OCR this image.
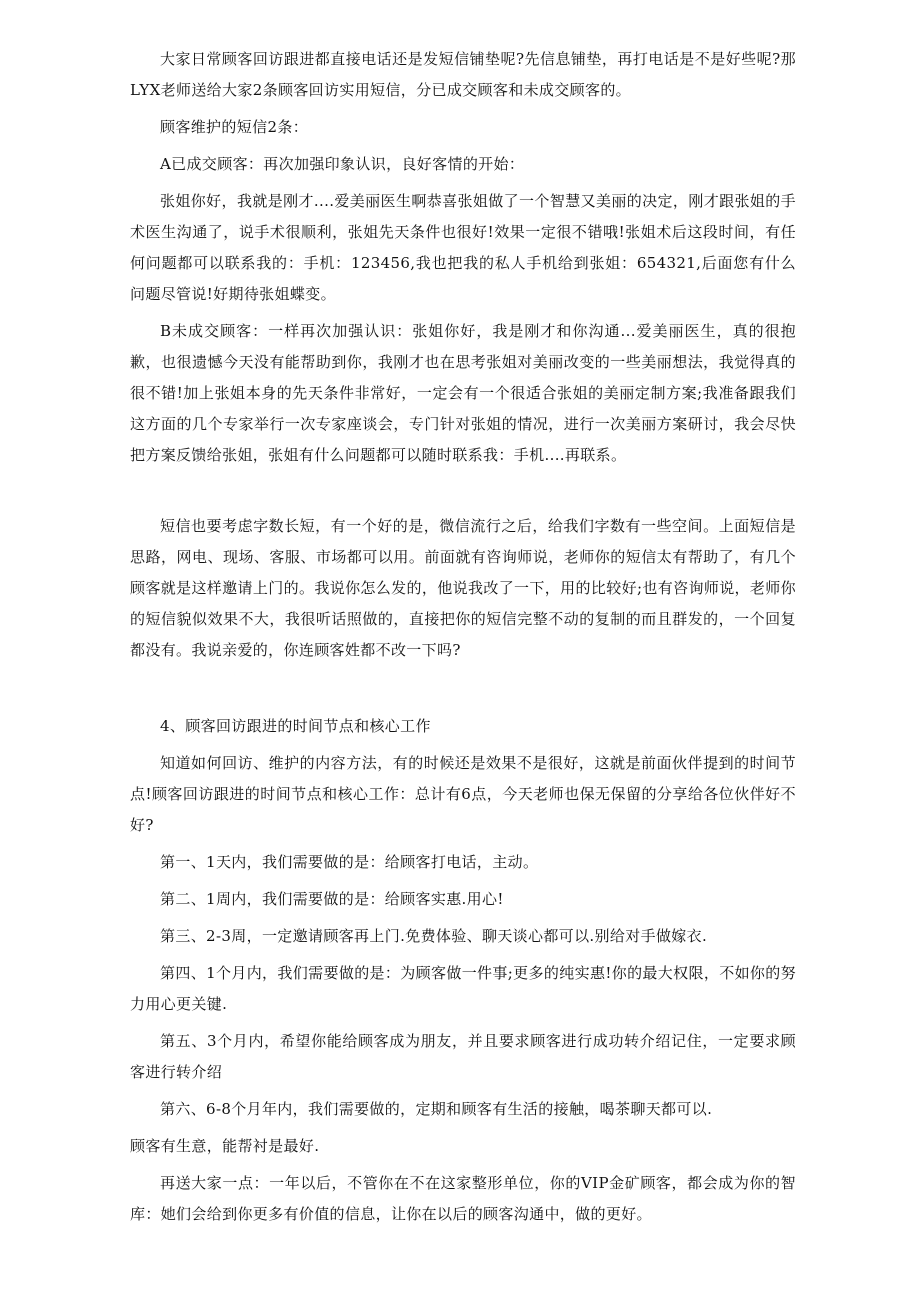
大家日常顾客回访跟进都直接电话还是发短信铺垫呢?先信息铺垫，再打电话是不是好些呢?那LYX老师送给大家2条顾客回访实用短信，分已成交顾客和未成交顾客的。

顾客维护的短信2条：

A已成交顾客：再次加强印象认识，良好客情的开始：

张姐你好，我就是刚才....爱美丽医生啊恭喜张姐做了一个智慧又美丽的决定，刚才跟张姐的手术医生沟通了，说手术很顺利，张姐先天条件也很好!效果一定很不错哦!张姐术后这段时间，有任何问题都可以联系我的：手机：123456,我也把我的私人手机给到张姐：654321,后面您有什么问题尽管说!好期待张姐蝶变。

B未成交顾客：一样再次加强认识：张姐你好，我是刚才和你沟通...爱美丽医生，真的很抱歉，也很遗憾今天没有能帮助到你，我刚才也在思考张姐对美丽改变的一些美丽想法，我觉得真的很不错!加上张姐本身的先天条件非常好，一定会有一个很适合张姐的美丽定制方案;我准备跟我们这方面的几个专家举行一次专家座谈会，专门针对张姐的情况，进行一次美丽方案研讨，我会尽快把方案反馈给张姐，张姐有什么问题都可以随时联系我：手机....再联系。

短信也要考虑字数长短，有一个好的是，微信流行之后，给我们字数有一些空间。上面短信是思路，网电、现场、客服、市场都可以用。前面就有咨询师说，老师你的短信太有帮助了，有几个顾客就是这样邀请上门的。我说你怎么发的，他说我改了一下，用的比较好;也有咨询师说，老师你的短信貌似效果不大，我很听话照做的，直接把你的短信完整不动的复制的而且群发的，一个回复都没有。我说亲爱的，你连顾客姓都不改一下吗?

4、顾客回访跟进的时间节点和核心工作

知道如何回访、维护的内容方法，有的时候还是效果不是很好，这就是前面伙伴提到的时间节点!顾客回访跟进的时间节点和核心工作：总计有6点，今天老师也保无保留的分享给各位伙伴好不好?

第一、1天内，我们需要做的是：给顾客打电话，主动。

第二、1周内，我们需要做的是：给顾客实惠.用心!

第三、2-3周，一定邀请顾客再上门.免费体验、聊天谈心都可以.别给对手做嫁衣.

第四、1个月内，我们需要做的是：为顾客做一件事;更多的纯实惠!你的最大权限，不如你的努力用心更关键.

第五、3个月内，希望你能给顾客成为朋友，并且要求顾客进行成功转介绍记住，一定要求顾客进行转介绍

第六、6-8个月年内，我们需要做的，定期和顾客有生活的接触，喝茶聊天都可以.

顾客有生意，能帮衬是最好.

再送大家一点：一年以后，不管你在不在这家整形单位，你的VIP金矿顾客，都会成为你的智库：她们会给到你更多有价值的信息，让你在以后的顾客沟通中，做的更好。
